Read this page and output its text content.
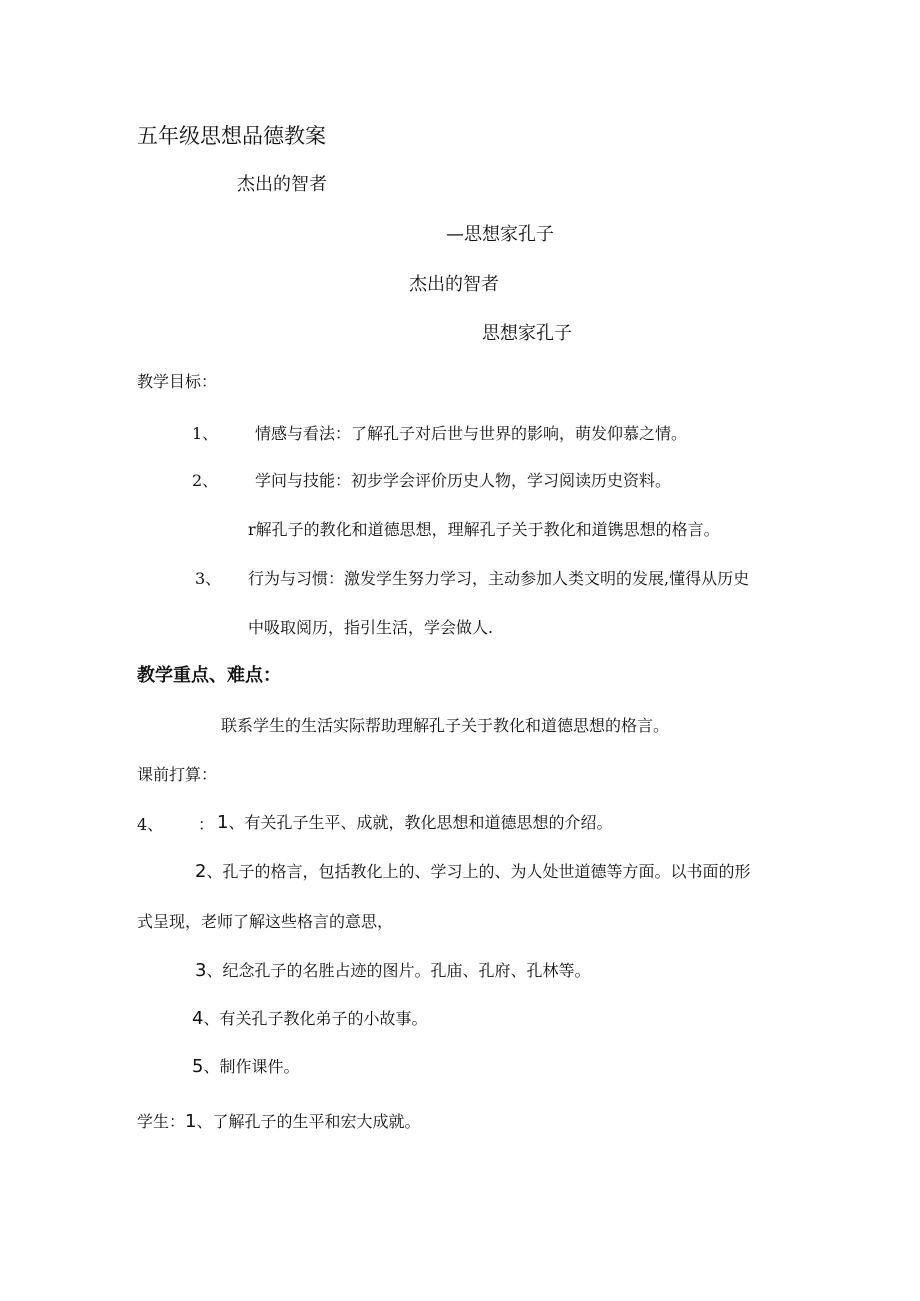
五年级思想品德教案
杰出的智者
—思想家孔子
杰出的智者
思想家孔子
教学目标：
1、 情感与看法：了解孔子对后世与世界的影响，萌发仰慕之情。
2、 学问与技能：初步学会评价历史人物，学习阅读历史资料。
r解孔子的教化和道德思想，理解孔子关于教化和道镌思想的格言。
3、 行为与习惯：激发学生努力学习，主动参加人类文明的发展,懂得从历史
中吸取阅历，指引生活，学会做人.
教学重点、难点：
联系学生的生活实际帮助理解孔子关于教化和道德思想的格言。
课前打算：
4、 ： 1、有关孔子生平、成就，教化思想和道德思想的介绍。
2、孔子的格言，包括教化上的、学习上的、为人处世道德等方面。以书面的形
式呈现，老师了解这些格言的意思，
3、纪念孔子的名胜占迹的图片。孔庙、孔府、孔林等。
4、有关孔子教化弟子的小故事。
5、制作课件。
学生：1、了解孔子的生平和宏大成就。
